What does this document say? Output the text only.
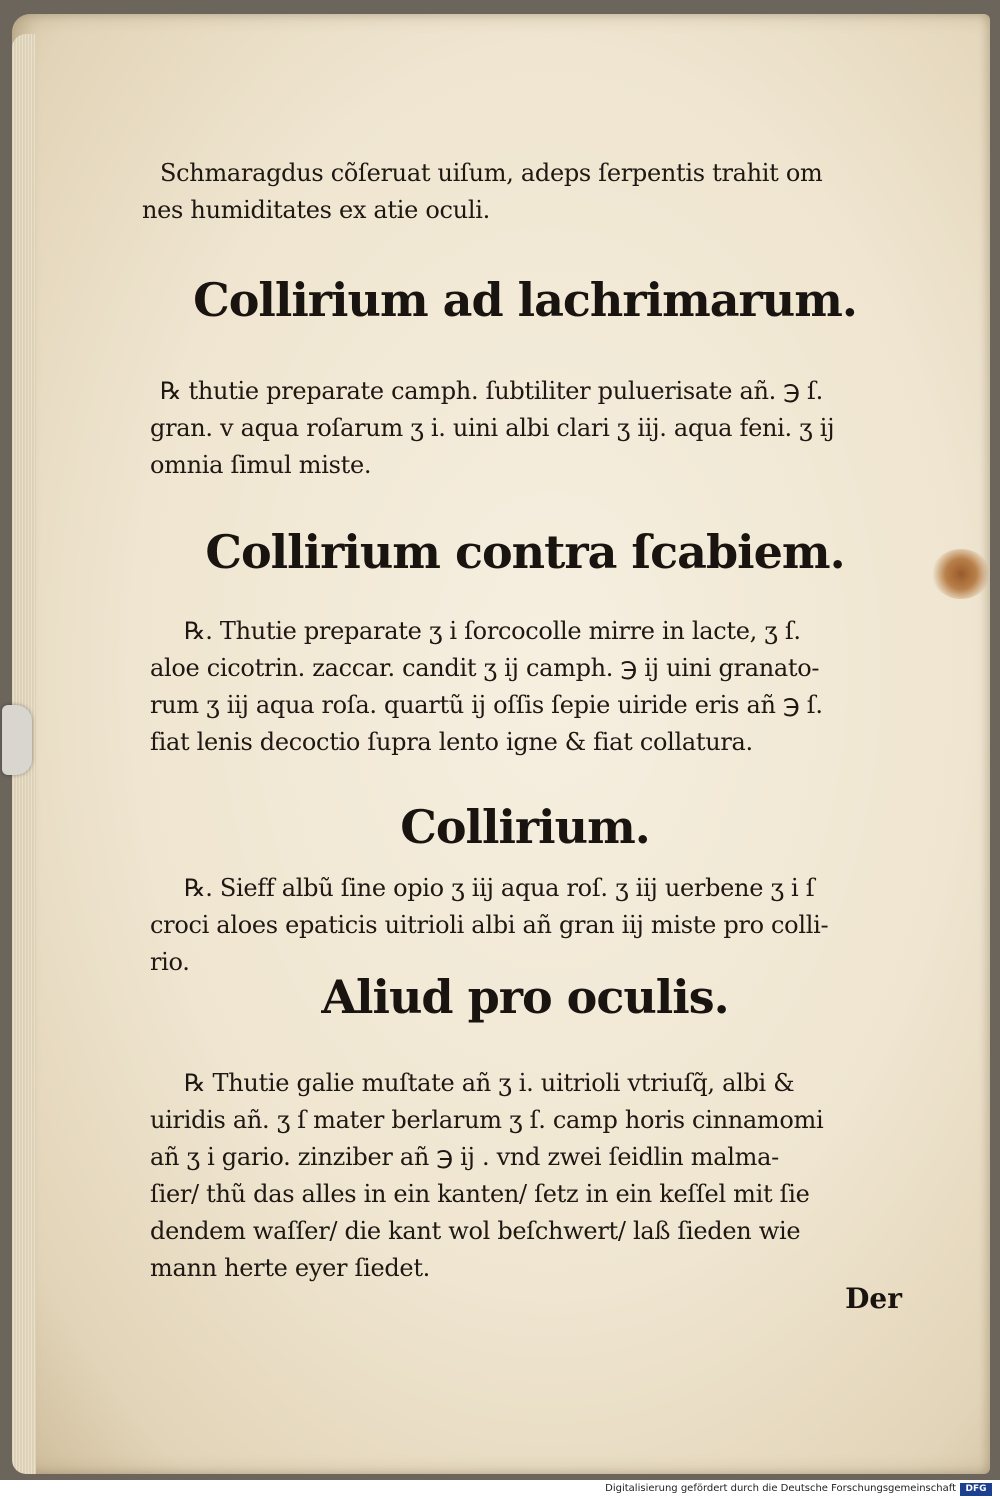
Schmaragdus cõſeruat uiſum, adeps ſerpentis trahit om
nes humiditates ex atie oculi.
Collirium ad lachrimarum.
℞ thutie preparate camph. ſubtiliter puluerisate añ. ℈ ſ.
gran. v aqua roſarum ʒ i. uini albi clari ʒ iij. aqua feni. ʒ ij
omnia ſimul miste.
Collirium contra ſcabiem.
℞. Thutie preparate ʒ i ſorcocolle mirre in lacte, ʒ ſ.
aloe cicotrin. zaccar. candit ʒ ij camph. ℈ ij uini granato-
rum ʒ iij aqua roſa. quartũ ij oſſis ſepie uiride eris añ ℈ ſ.
fiat lenis decoctio ſupra lento igne & fiat collatura.
Collirium.
℞. Sieff albũ ſine opio ʒ iij aqua roſ. ʒ iij uerbene ʒ i ſ
croci aloes epaticis uitrioli albi añ gran iij miste pro colli-
rio.
Aliud pro oculis.
℞ Thutie galie muſtate añ ʒ i. uitrioli vtriuſq̃, albi &
uiridis añ. ʒ ſ mater berlarum ʒ ſ. camp horis cinnamomi
añ ʒ i gario. zinziber añ ℈ ij . vnd zwei ſeidlin malma-
ſier/ thũ das alles in ein kanten/ ſetz in ein keſſel mit ſie
dendem waſſer/ die kant wol beſchwert/ laß ſieden wie
mann herte eyer ſiedet.
Der
Digitalisierung gefördert durch die Deutsche Forschungsgemeinschaft	DFG
